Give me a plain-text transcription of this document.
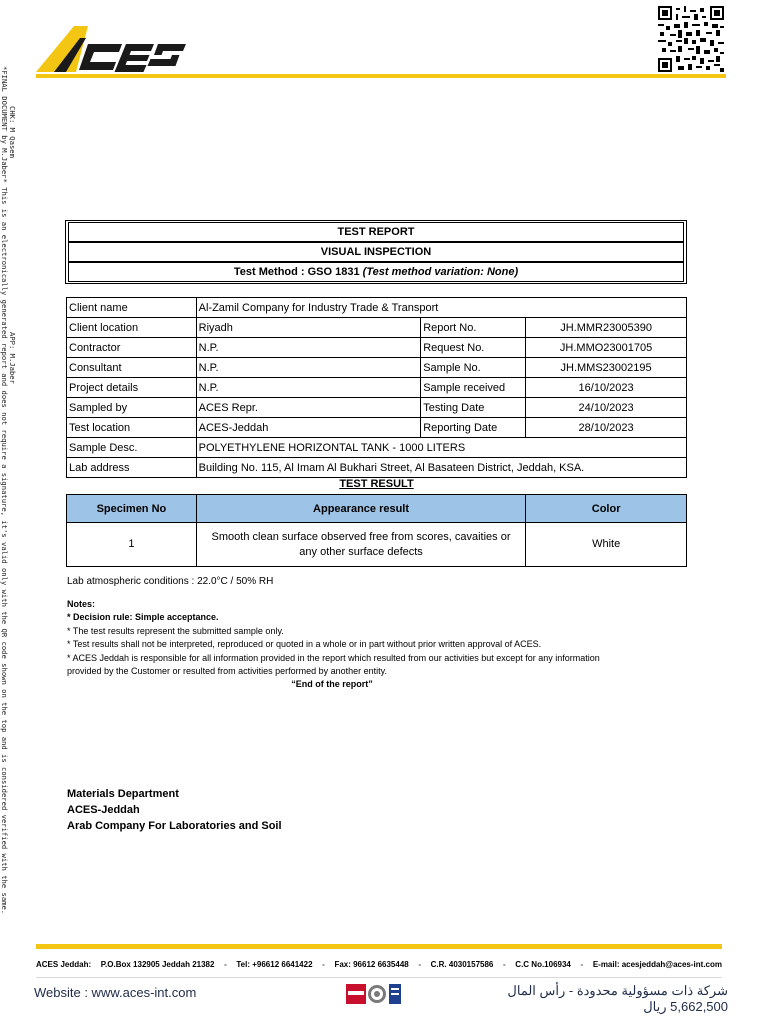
CHK: M Qasem
APP: M.Jaber
*FINAL DOCUMENT by M.Jaber* This is an electronically generated report and does not require a signature, it's valid only with the QR code shown on the top and is considered verified with the same.	TEST REPORT
VISUAL INSPECTION
Test Method : GSO 1831 (Test method variation: None)
Client name	Al-Zamil Company for Industry Trade & Transport		
Client location	Riyadh	Report No.	JH.MMR23005390
Contractor	N.P.	Request No.	JH.MMO23001705
Consultant	N.P.	Sample No.	JH.MMS23002195
Project details	N.P.	Sample received	16/10/2023
Sampled by	ACES Repr.	Testing Date	24/10/2023
Test location	ACES-Jeddah	Reporting Date	28/10/2023
Sample Desc.	POLYETHYLENE HORIZONTAL TANK - 1000 LITERS		
Lab address	Building No. 115, Al Imam Al Bukhari Street, Al Basateen District, Jeddah, KSA.		
TEST RESULT
Specimen No	Appearance result	Color
1	Smooth clean surface observed free from scores, cavaities or
any other surface defects	White
Lab atmospheric conditions : 22.0°C / 50% RH
Notes:
* Decision rule: Simple acceptance.
* The test results represent the submitted sample only.
* Test results shall not be interpreted, reproduced or quoted in a whole or in part without prior written approval of ACES.
* ACES Jeddah is responsible for all information provided in the report which resulted from our activities but except for any information
provided by the Customer or resulted from activities performed by another entity.
“End of the report”
Materials Department
ACES-Jeddah
Arab Company For Laboratories and Soil
ACES Jeddah: P.O.Box 132905 Jeddah 21382 - Tel: +96612 6641422 - Fax: 96612 6635448 - C.R. 4030157586 - C.C No.106934 - E-mail: acesjeddah@aces-int.com
Website : www.aces-int.com	شركة ذات مسؤولية محدودة - رأس المال 5,662,500 ريال
